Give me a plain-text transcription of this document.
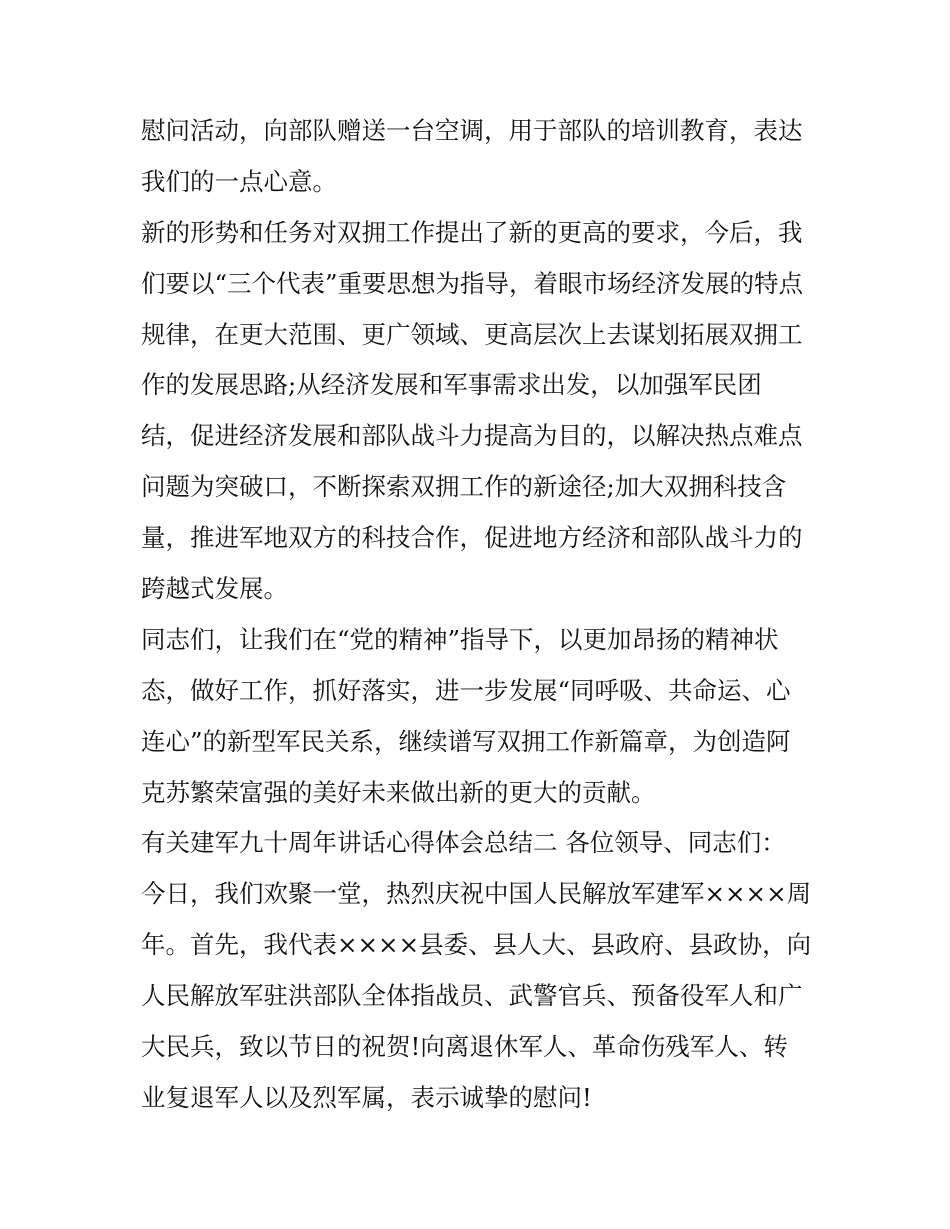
慰问活动，向部队赠送一台空调，用于部队的培训教育，表达
我们的一点心意。
新的形势和任务对双拥工作提出了新的更高的要求，今后，我
们要以“三个代表”重要思想为指导，着眼市场经济发展的特点
规律，在更大范围、更广领域、更高层次上去谋划拓展双拥工
作的发展思路;从经济发展和军事需求出发，以加强军民团
结，促进经济发展和部队战斗力提高为目的，以解决热点难点
问题为突破口，不断探索双拥工作的新途径;加大双拥科技含
量，推进军地双方的科技合作，促进地方经济和部队战斗力的
跨越式发展。
同志们，让我们在“党的精神”指导下，以更加昂扬的精神状
态，做好工作，抓好落实，进一步发展“同呼吸、共命运、心
连心”的新型军民关系，继续谱写双拥工作新篇章，为创造阿
克苏繁荣富强的美好未来做出新的更大的贡献。
有关建军九十周年讲话心得体会总结二 各位领导、同志们：
今日，我们欢聚一堂，热烈庆祝中国人民解放军建军××××周
年。首先，我代表××××县委、县人大、县政府、县政协，向
人民解放军驻洪部队全体指战员、武警官兵、预备役军人和广
大民兵，致以节日的祝贺!向离退休军人、革命伤残军人、转
业复退军人以及烈军属，表示诚挚的慰问!
